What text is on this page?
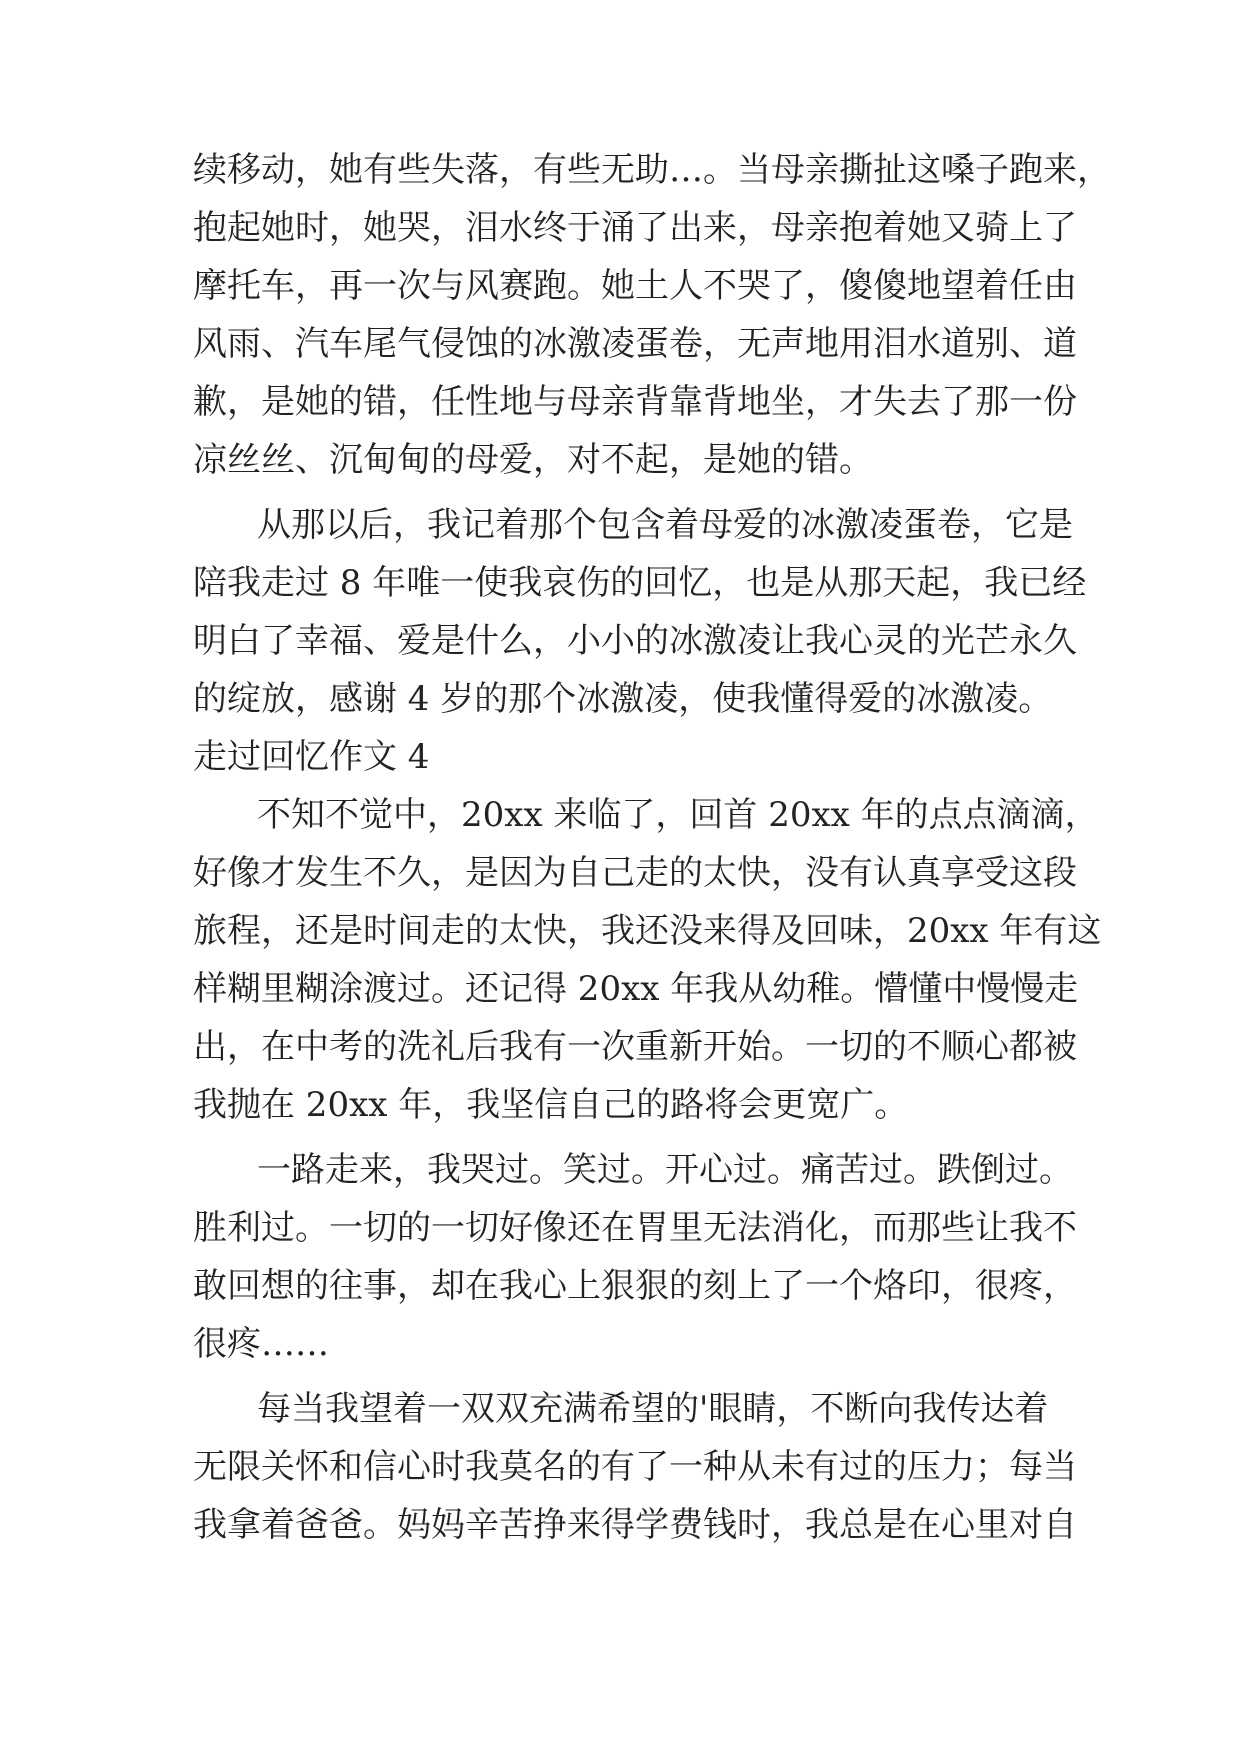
续移动，她有些失落，有些无助…。当母亲撕扯这嗓子跑来，

抱起她时，她哭，泪水终于涌了出来，母亲抱着她又骑上了

摩托车，再一次与风赛跑。她土人不哭了，傻傻地望着任由

风雨、汽车尾气侵蚀的冰激凌蛋卷，无声地用泪水道别、道

歉，是她的错，任性地与母亲背靠背地坐，才失去了那一份

凉丝丝、沉甸甸的母爱，对不起，是她的错。

从那以后，我记着那个包含着母爱的冰激凌蛋卷，它是

陪我走过 8 年唯一使我哀伤的回忆，也是从那天起，我已经

明白了幸福、爱是什么，小小的冰激凌让我心灵的光芒永久

的绽放，感谢 4 岁的那个冰激凌，使我懂得爱的冰激凌。

走过回忆作文 4

不知不觉中，20xx 来临了，回首 20xx 年的点点滴滴，

好像才发生不久，是因为自己走的太快，没有认真享受这段

旅程，还是时间走的太快，我还没来得及回味，20xx 年有这

样糊里糊涂渡过。还记得 20xx 年我从幼稚。懵懂中慢慢走

出，在中考的洗礼后我有一次重新开始。一切的不顺心都被

我抛在 20xx 年，我坚信自己的路将会更宽广。

一路走来，我哭过。笑过。开心过。痛苦过。跌倒过。

胜利过。一切的一切好像还在胃里无法消化，而那些让我不

敢回想的往事，却在我心上狠狠的刻上了一个烙印，很疼，

很疼……

每当我望着一双双充满希望的'眼睛，不断向我传达着

无限关怀和信心时我莫名的有了一种从未有过的压力；每当

我拿着爸爸。妈妈辛苦挣来得学费钱时，我总是在心里对自
